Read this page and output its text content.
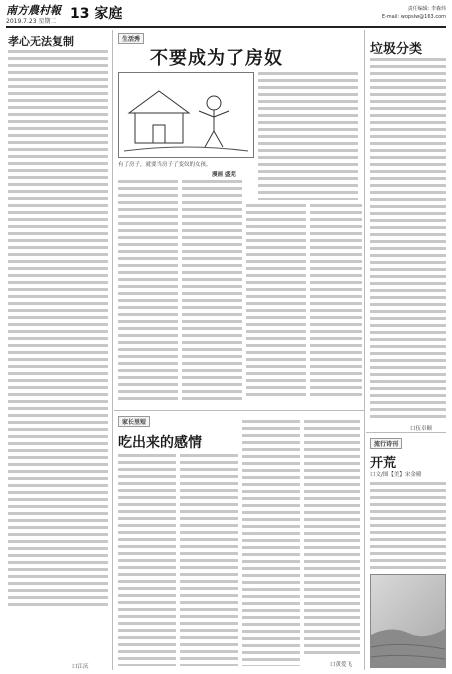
南方農村報
2019.7.23 星期二 13 家庭	责任编辑: 李森炜
E-mail: wopslw@163.com
孝心无法复制
口江庆
生活秀
不要成为了房奴
有了房子，就要当房子了变奴的女孩。
漫画 盛芜
垃圾分类
口伍卓顺
家长里短
吃出来的感情
口黄爱飞
流行诗刊
开荒
口文/图【美】宋金殿
